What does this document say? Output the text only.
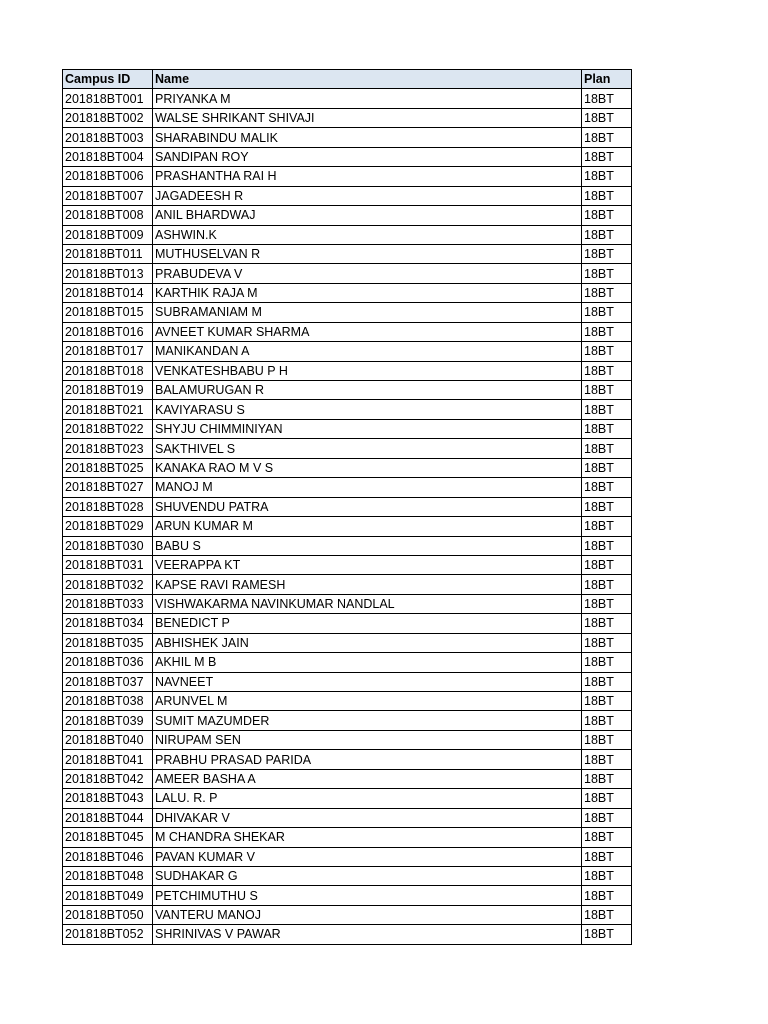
Campus ID	Name	Plan
201818BT001	PRIYANKA M	18BT
201818BT002	WALSE SHRIKANT SHIVAJI	18BT
201818BT003	SHARABINDU MALIK	18BT
201818BT004	SANDIPAN ROY	18BT
201818BT006	PRASHANTHA RAI H	18BT
201818BT007	JAGADEESH R	18BT
201818BT008	ANIL BHARDWAJ	18BT
201818BT009	ASHWIN.K	18BT
201818BT011	MUTHUSELVAN R	18BT
201818BT013	PRABUDEVA V	18BT
201818BT014	KARTHIK RAJA M	18BT
201818BT015	SUBRAMANIAM M	18BT
201818BT016	AVNEET KUMAR SHARMA	18BT
201818BT017	MANIKANDAN A	18BT
201818BT018	VENKATESHBABU P H	18BT
201818BT019	BALAMURUGAN R	18BT
201818BT021	KAVIYARASU S	18BT
201818BT022	SHYJU CHIMMINIYAN	18BT
201818BT023	SAKTHIVEL S	18BT
201818BT025	KANAKA RAO M V S	18BT
201818BT027	MANOJ M	18BT
201818BT028	SHUVENDU PATRA	18BT
201818BT029	ARUN KUMAR M	18BT
201818BT030	BABU S	18BT
201818BT031	VEERAPPA KT	18BT
201818BT032	KAPSE RAVI RAMESH	18BT
201818BT033	VISHWAKARMA NAVINKUMAR NANDLAL	18BT
201818BT034	BENEDICT P	18BT
201818BT035	ABHISHEK JAIN	18BT
201818BT036	AKHIL M B	18BT
201818BT037	NAVNEET	18BT
201818BT038	ARUNVEL M	18BT
201818BT039	SUMIT MAZUMDER	18BT
201818BT040	NIRUPAM SEN	18BT
201818BT041	PRABHU PRASAD PARIDA	18BT
201818BT042	AMEER BASHA A	18BT
201818BT043	LALU. R. P	18BT
201818BT044	DHIVAKAR V	18BT
201818BT045	M CHANDRA SHEKAR	18BT
201818BT046	PAVAN KUMAR V	18BT
201818BT048	SUDHAKAR G	18BT
201818BT049	PETCHIMUTHU S	18BT
201818BT050	VANTERU MANOJ	18BT
201818BT052	SHRINIVAS V PAWAR	18BT
